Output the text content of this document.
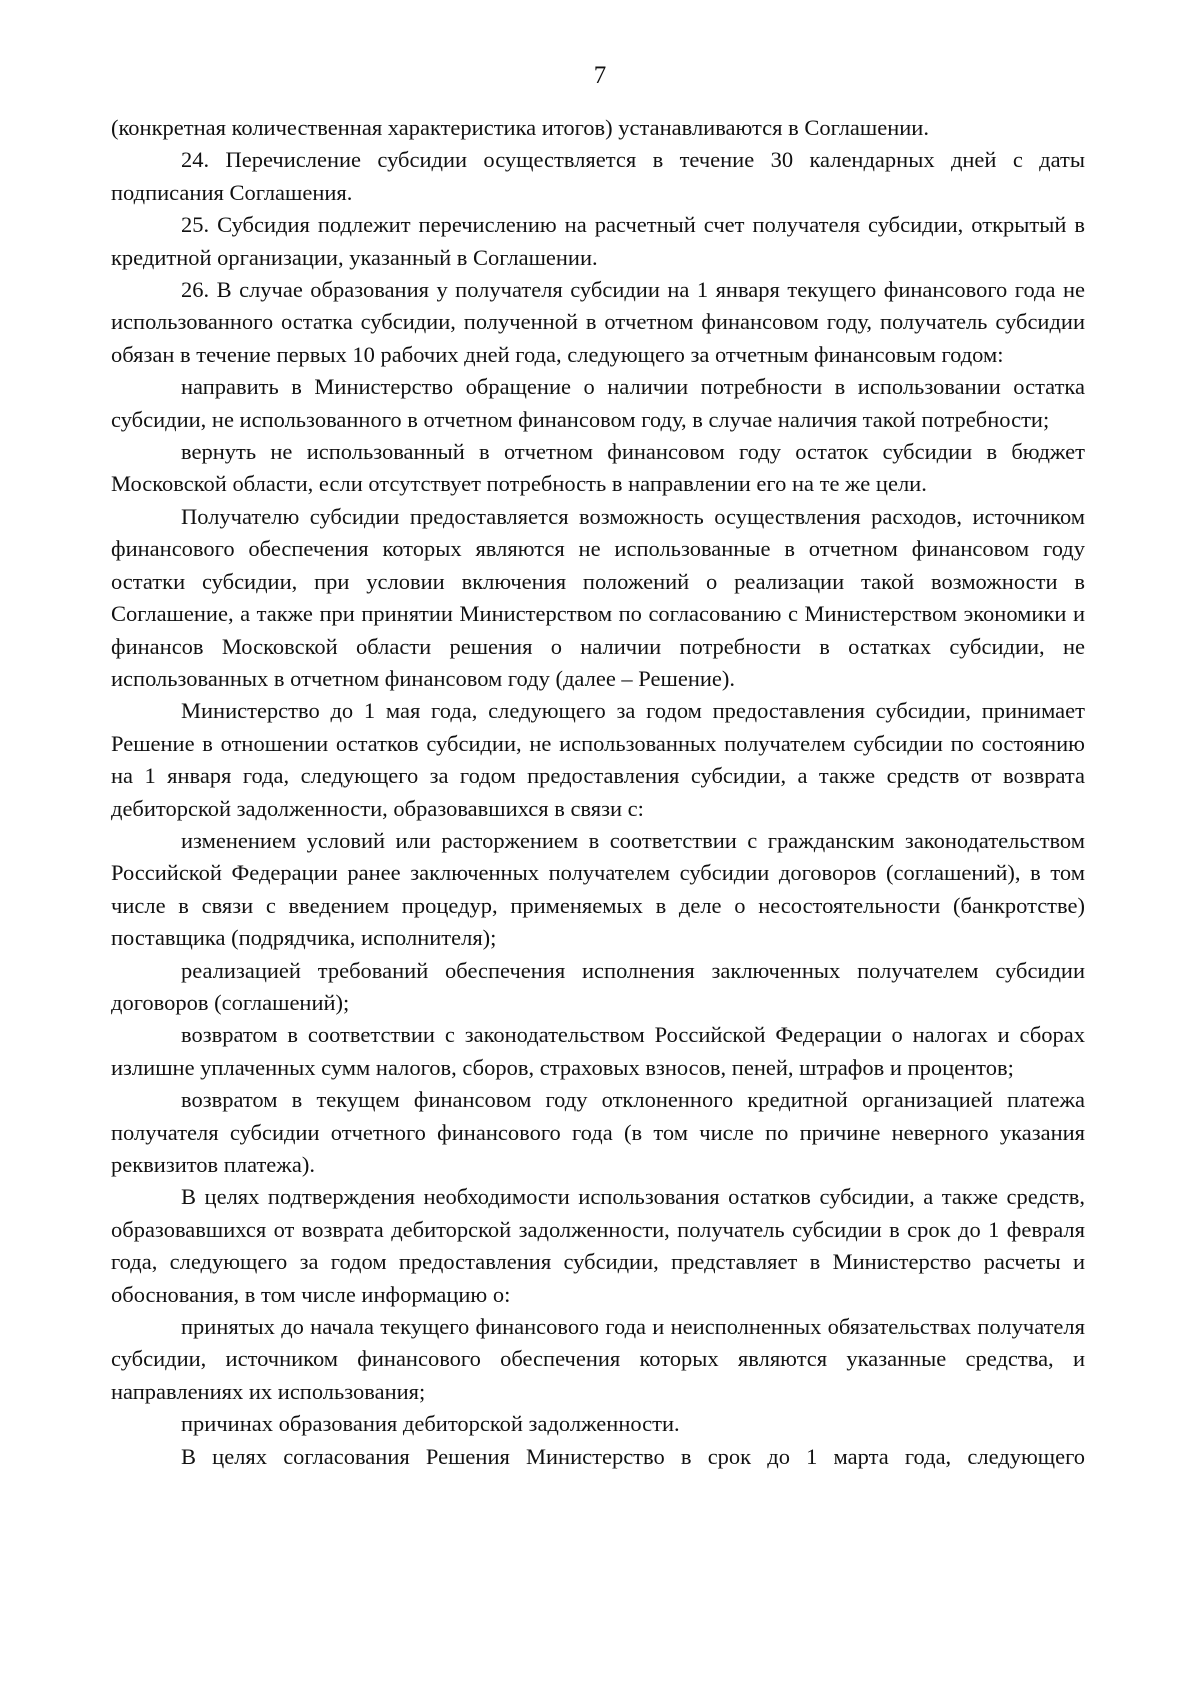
7

(конкретная количественная характеристика итогов) устанавливаются в Соглашении.

24. Перечисление субсидии осуществляется в течение 30 календарных дней с даты подписания Соглашения.

25. Субсидия подлежит перечислению на расчетный счет получателя субсидии, открытый в кредитной организации, указанный в Соглашении.

26. В случае образования у получателя субсидии на 1 января текущего финансового года не использованного остатка субсидии, полученной в отчетном финансовом году, получатель субсидии обязан в течение первых 10 рабочих дней года, следующего за отчетным финансовым годом:

направить в Министерство обращение о наличии потребности в использовании остатка субсидии, не использованного в отчетном финансовом году, в случае наличия такой потребности;

вернуть не использованный в отчетном финансовом году остаток субсидии в бюджет Московской области, если отсутствует потребность в направлении его на те же цели.

Получателю субсидии предоставляется возможность осуществления расходов, источником финансового обеспечения которых являются не использованные в отчетном финансовом году остатки субсидии, при условии включения положений о реализации такой возможности в Соглашение, а также при принятии Министерством по согласованию с Министерством экономики и финансов Московской области решения о наличии потребности в остатках субсидии, не использованных в отчетном финансовом году (далее – Решение).

Министерство до 1 мая года, следующего за годом предоставления субсидии, принимает Решение в отношении остатков субсидии, не использованных получателем субсидии по состоянию на 1 января года, следующего за годом предоставления субсидии, а также средств от возврата дебиторской задолженности, образовавшихся в связи с:

изменением условий или расторжением в соответствии с гражданским законодательством Российской Федерации ранее заключенных получателем субсидии договоров (соглашений), в том числе в связи с введением процедур, применяемых в деле о несостоятельности (банкротстве) поставщика (подрядчика, исполнителя);

реализацией требований обеспечения исполнения заключенных получателем субсидии договоров (соглашений);

возвратом в соответствии с законодательством Российской Федерации о налогах и сборах излишне уплаченных сумм налогов, сборов, страховых взносов, пеней, штрафов и процентов;

возвратом в текущем финансовом году отклоненного кредитной организацией платежа получателя субсидии отчетного финансового года (в том числе по причине неверного указания реквизитов платежа).

В целях подтверждения необходимости использования остатков субсидии, а также средств, образовавшихся от возврата дебиторской задолженности, получатель субсидии в срок до 1 февраля года, следующего за годом предоставления субсидии, представляет в Министерство расчеты и обоснования, в том числе информацию о:

принятых до начала текущего финансового года и неисполненных обязательствах получателя субсидии, источником финансового обеспечения которых являются указанные средства, и направлениях их использования;

причинах образования дебиторской задолженности.

В целях согласования Решения Министерство в срок до 1 марта года, следующего
